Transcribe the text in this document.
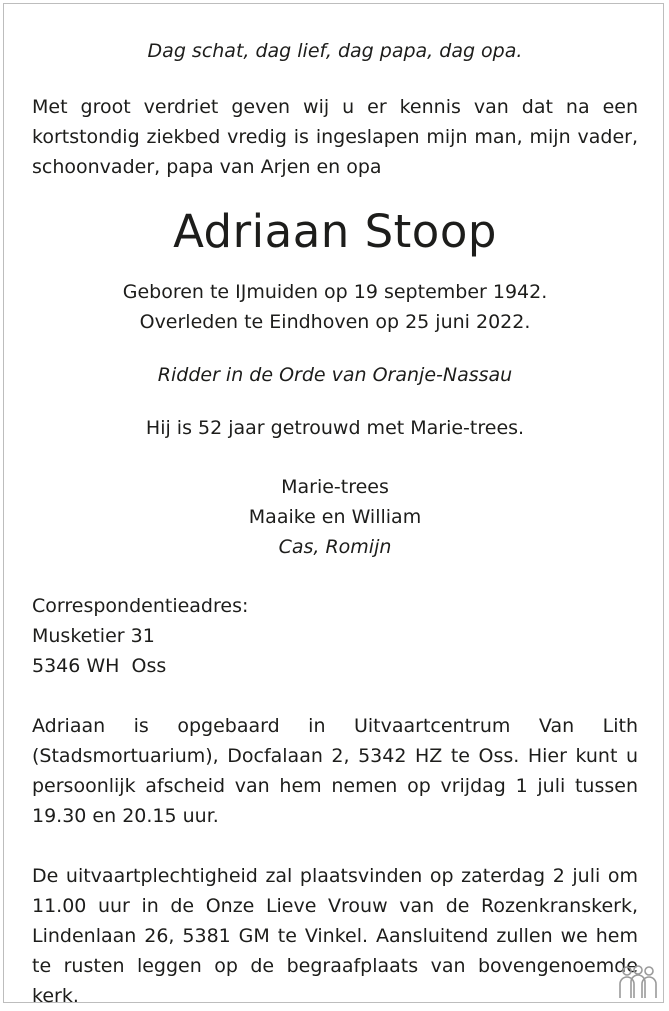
Dag schat, dag lief, dag papa, dag opa.

Met groot verdriet geven wij u er kennis van dat na een kortstondig ziekbed vredig is ingeslapen mijn man, mijn vader, schoonvader, papa van Arjen en opa

Adriaan Stoop

Geboren te IJmuiden op 19 september 1942.

Overleden te Eindhoven op 25 juni 2022.

Ridder in de Orde van Oranje-Nassau

Hij is 52 jaar getrouwd met Marie-trees.

Marie-trees

Maaike en William

Cas, Romijn

Correspondentieadres:

Musketier 31

5346 WH  Oss

Adriaan is opgebaard in Uitvaartcentrum Van Lith (Stadsmortuarium), Docfalaan 2, 5342 HZ te Oss. Hier kunt u persoonlijk afscheid van hem nemen op vrijdag 1 juli tussen 19.30 en 20.15 uur.

De uitvaartplechtigheid zal plaatsvinden op zaterdag 2 juli om 11.00 uur in de Onze Lieve Vrouw van de Rozenkranskerk, Lindenlaan 26, 5381 GM te Vinkel. Aansluitend zullen we hem te rusten leggen op de begraafplaats van bovengenoemde kerk.
